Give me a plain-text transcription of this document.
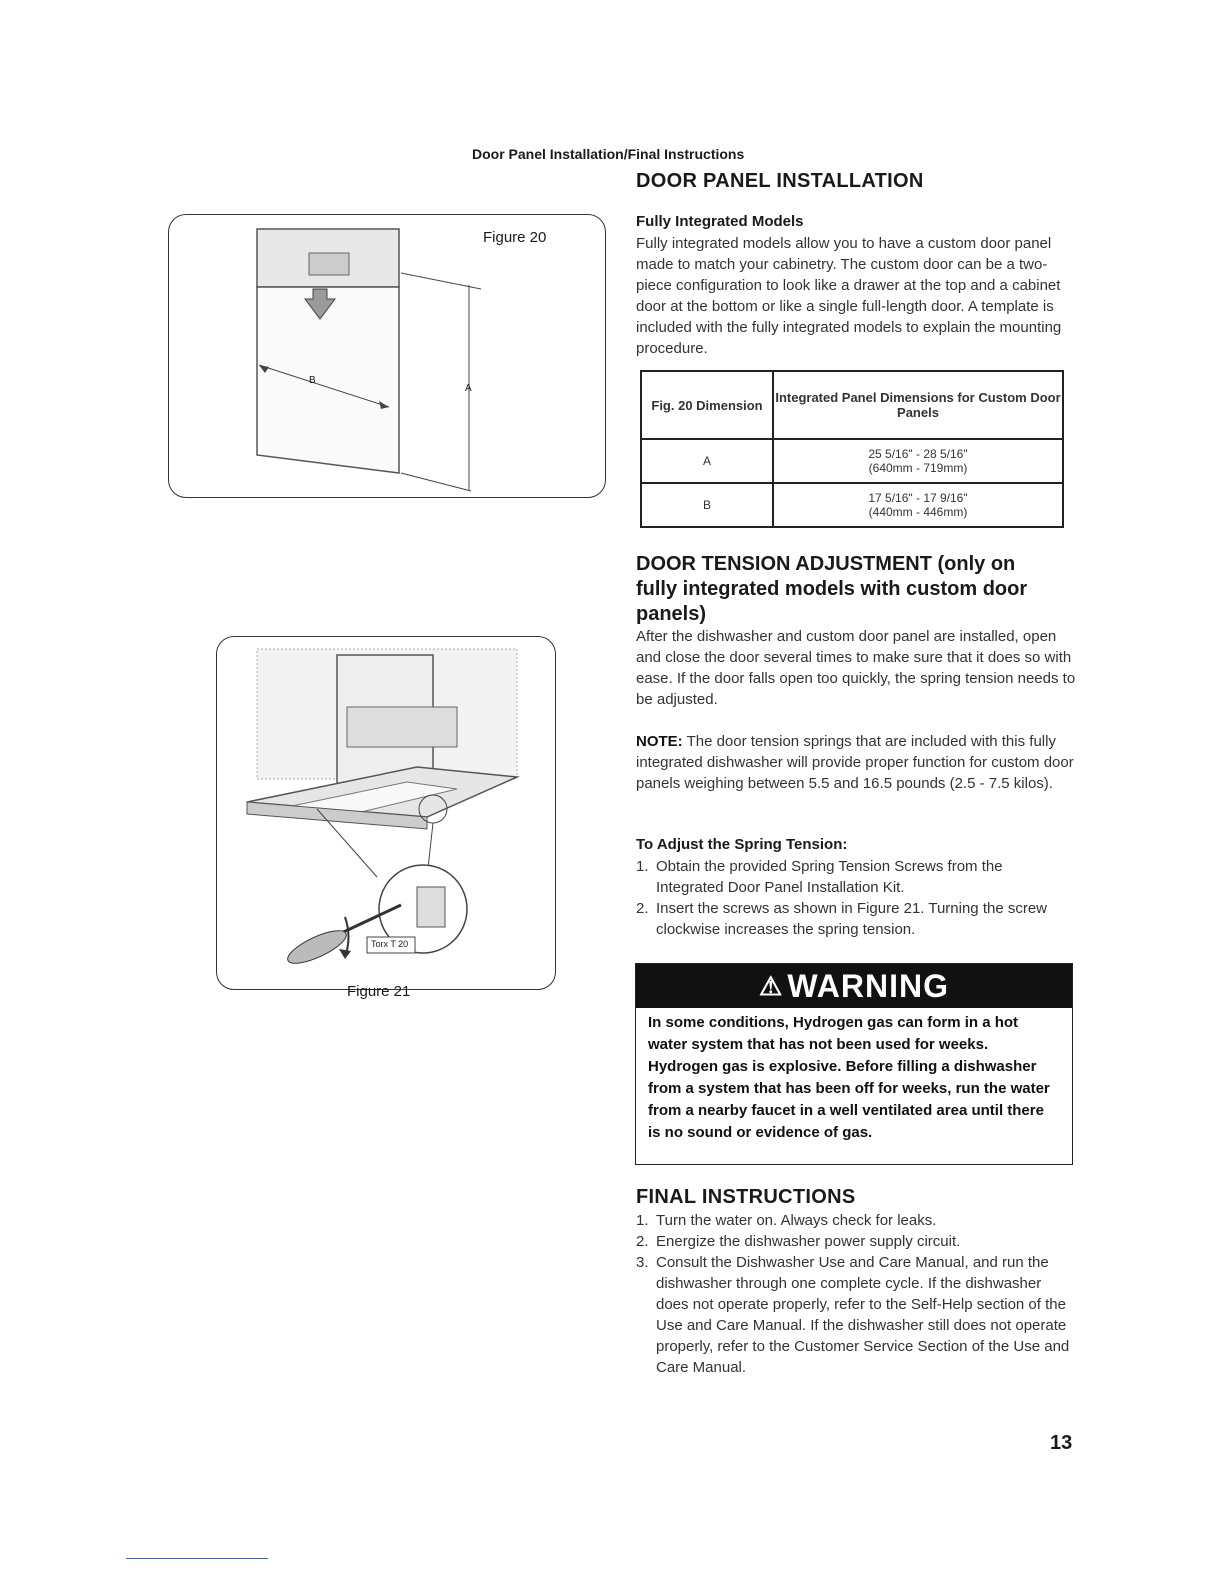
Door Panel Installation/Final Instructions
DOOR PANEL INSTALLATION
Figure 20
A
B
Fully Integrated Models
Fully integrated models allow you to have a custom door panel made to match your cabinetry. The custom door can be a two-piece configuration to look like a drawer at the top and a cabinet door at the bottom or like a single full-length door. A template is included with the fully integrated models to explain the mounting procedure.
Fig. 20 Dimension	Integrated Panel Dimensions for Custom Door Panels
A	25 5/16" - 28 5/16"
(640mm - 719mm)

B	17 5/16" - 17 9/16"
(440mm - 446mm)
DOOR TENSION ADJUSTMENT (only on fully integrated models with custom door panels)
After the dishwasher and custom door panel are installed, open and close the door several times to make sure that it does so with ease. If the door falls open too quickly, the spring tension needs to be adjusted.
NOTE: The door tension springs that are included with this fully integrated dishwasher will provide proper function for custom door panels weighing between 5.5 and 16.5 pounds (2.5 - 7.5 kilos).
To Adjust the Spring Tension:
1. Obtain the provided Spring Tension Screws from the Integrated Door Panel Installation Kit.
2. Insert the screws as shown in Figure 21. Turning the screw clockwise increases the spring tension.
Torx T 20
Figure 21	⚠ WARNING
In some conditions, Hydrogen gas can form in a hot water system that has not been used for weeks. Hydrogen gas is explosive. Before filling a dishwasher from a system that has been off for weeks, run the water from a nearby faucet in a well ventilated area until there is no sound or evidence of gas.
FINAL INSTRUCTIONS
1. Turn the water on. Always check for leaks.
2. Energize the dishwasher power supply circuit.
3. Consult the Dishwasher Use and Care Manual, and run the dishwasher through one complete cycle. If the dishwasher does not operate properly, refer to the Self-Help section of the Use and Care Manual. If the dishwasher still does not operate properly, refer to the Customer Service Section of the Use and Care Manual.
13
